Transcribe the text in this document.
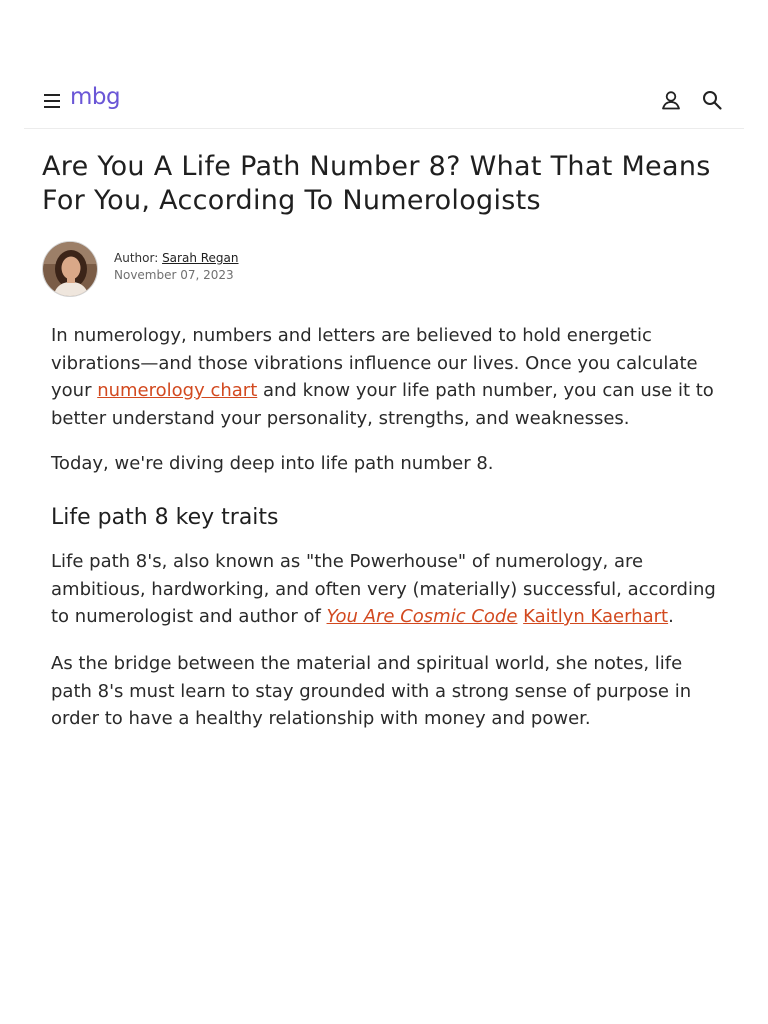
mbg
Are You A Life Path Number 8? What That Means For You, According To Numerologists
Author: Sarah Regan
November 07, 2023

In numerology, numbers and letters are believed to hold energetic vibrations—and those vibrations influence our lives. Once you calculate your numerology chart and know your life path number, you can use it to better understand your personality, strengths, and weaknesses.

Today, we're diving deep into life path number 8.

Life path 8 key traits

Life path 8's, also known as "the Powerhouse" of numerology, are ambitious, hardworking, and often very (materially) successful, according to numerologist and author of You Are Cosmic Code Kaitlyn Kaerhart.

As the bridge between the material and spiritual world, she notes, life path 8's must learn to stay grounded with a strong sense of purpose in order to have a healthy relationship with money and power.
